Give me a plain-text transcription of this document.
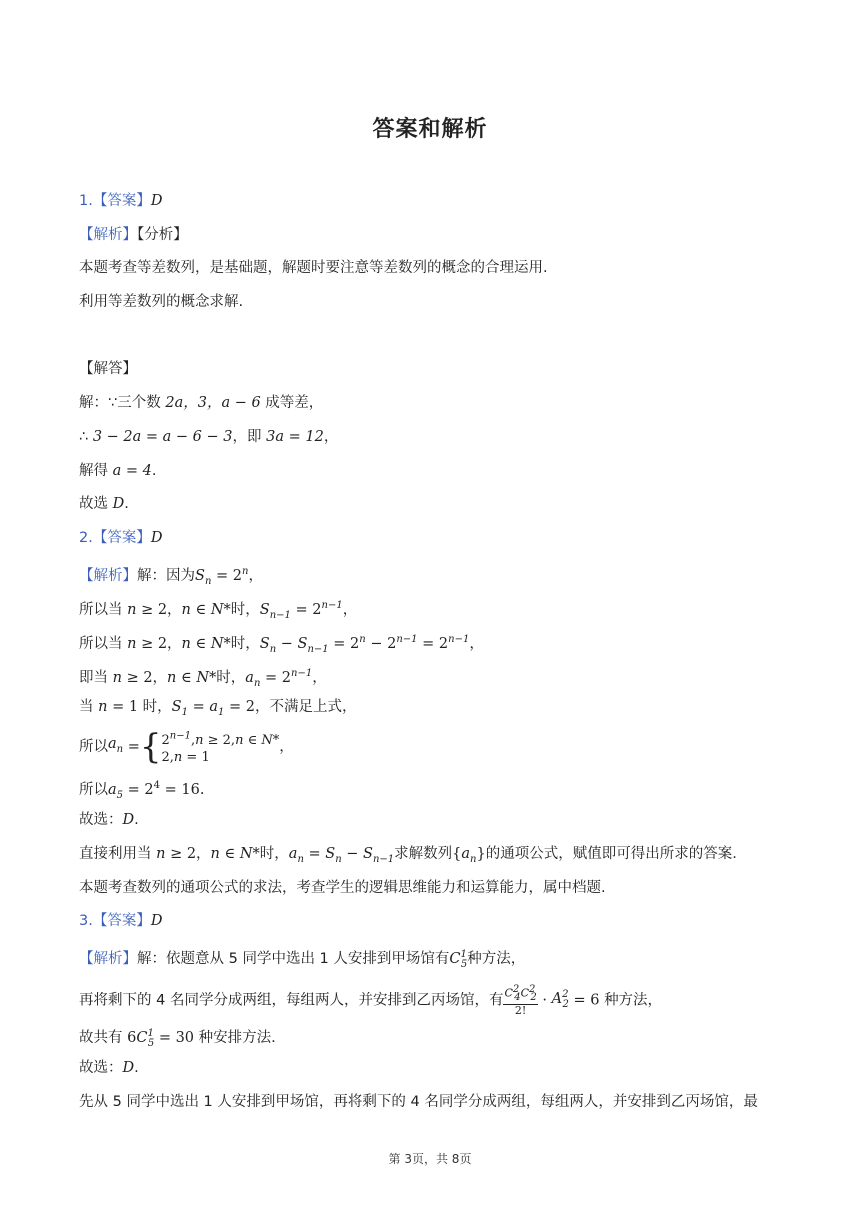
答案和解析
1.【答案】D
【解析】【分析】
本题考查等差数列，是基础题，解题时要注意等差数列的概念的合理运用.
利用等差数列的概念求解.
【解答】
解：∵三个数 2a，3，a − 6 成等差，
∴ 3 − 2a = a − 6 − 3，即 3a = 12，
解得 a = 4.
故选 D.
2.【答案】D
【解析】解：因为$S_n = 2^n$，
所以当 n ≥ 2，n ∈ N*时，$S_{n-1} = 2^{n-1}$，
所以当 n ≥ 2，n ∈ N*时，$S_n - S_{n-1} = 2^n - 2^{n-1} = 2^{n-1}$，
即当 n ≥ 2，n ∈ N*时，$a_n = 2^{n-1}$，
当 n = 1 时，$S_1 = a_1 = 2$，不满足上式，
所以$a_n =\{2^{n-1},n \ge 2,n$ ∈ N*
2,n = 1，
所以$a_5 = 2^4 = 16$.
故选：D.
直接利用当 n ≥ 2，n ∈ N*时，$a_n = S_n - S_{n-1}$求解数列$\{a_n\}$的通项公式，赋值即可得出所求的答案.
本题考查数列的通项公式的求法，考查学生的逻辑思维能力和运算能力，属中档题.
3.【答案】D
【解析】解：依题意从 5 同学中选出 1 人安排到甲场馆有$C^1_5$种方法，
再将剩下的 4 名同学分成两组，每组两人，并安排到乙丙场馆，有 $\frac{C^2_4C^2_2}{2!} \cdot A^2_2 = 6$ 种方法，
故共有 $6C^1_5 = 30$ 种安排方法.
故选：D.
先从 5 同学中选出 1 人安排到甲场馆，再将剩下的 4 名同学分成两组，每组两人，并安排到乙丙场馆，最
第 3页，共 8页
